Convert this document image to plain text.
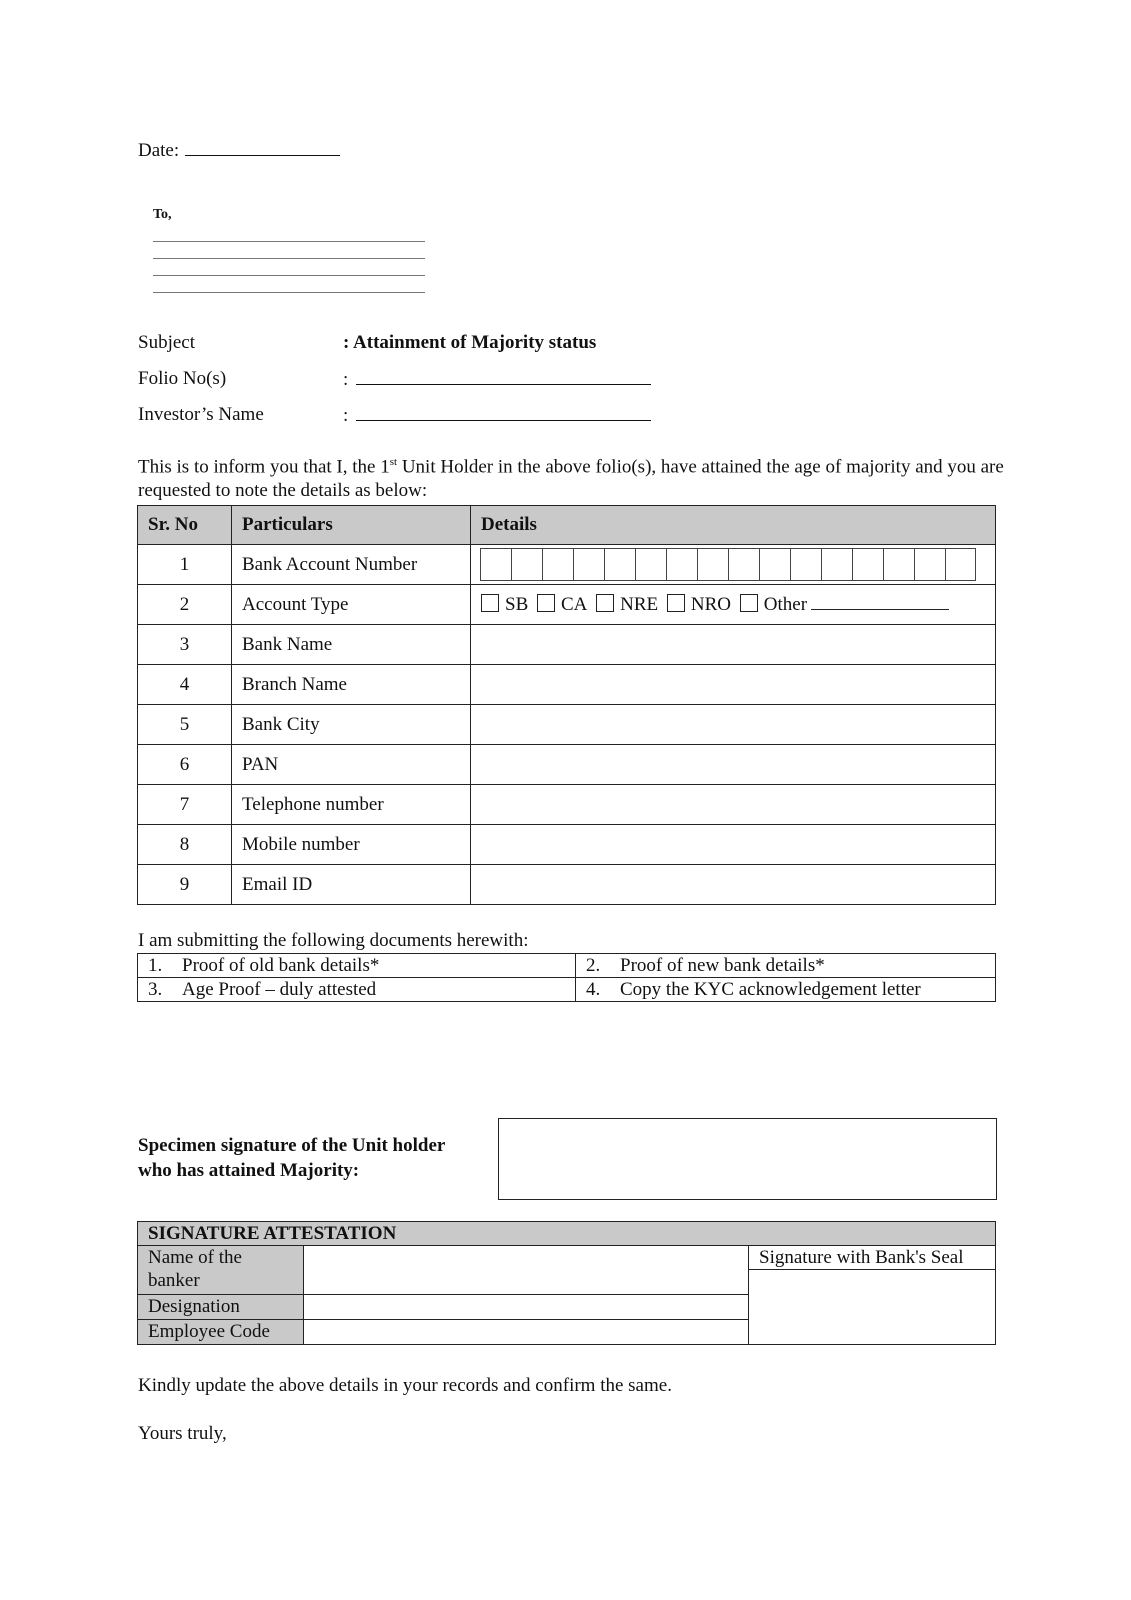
Date:
To,
Subject	: Attainment of Majority status
Folio No(s)	:
Investor’s Name	:
This is to inform you that I, the 1st Unit Holder in the above folio(s), have attained the age of majority and you are requested to note the details as below:
Sr. No	Particulars	Details
1	Bank Account Number	

2	Account Type	SB CA NRE NRO Other
3	Bank Name	
4	Branch Name	
5	Bank City	
6	PAN	
7	Telephone number	
8	Mobile number	
9	Email ID	
I am submitting the following documents herewith:
1. Proof of old bank details*	2. Proof of new bank details*
3. Age Proof – duly attested	4. Copy the KYC acknowledgement letter
Specimen signature of the Unit holder
who has attained Majority:
SIGNATURE ATTESTATION		
Name of the banker		Signature with Bank's Seal

Designation		
Employee Code		
Kindly update the above details in your records and confirm the same.
Yours truly,
